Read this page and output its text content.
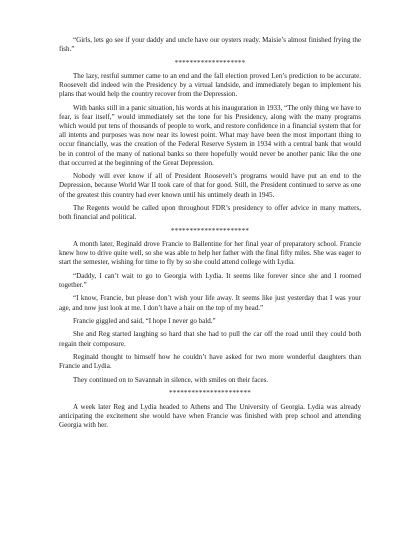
“Girls, lets go see if your daddy and uncle have our oysters ready. Maisie’s almost finished frying the fish.”

*******************

The lazy, restful summer came to an end and the fall election proved Len’s prediction to be accurate. Roosevelt did indeed win the Presidency by a virtual landside, and immediately began to implement his plans that would help the country recover from the Depression.

With banks still in a panic situation, his words at his inauguration in 1933, “The only thing we have to fear, is fear itself,” would immediately set the tone for his Presidency, along with the many programs which would put tens of thousands of people to work, and restore confidence in a financial system that for all intents and purposes was now near its lowest point. What may have been the most important thing to occur financially, was the creation of the Federal Reserve System in 1934 with a central bank that would be in control of the many of national banks so there hopefully would never be another panic like the one that occurred at the beginning of the Great Depression.

Nobody will ever know if all of President Roosevelt’s programs would have put an end to the Depression, because World War II took care of that for good. Still, the President continued to serve as one of the greatest this country had ever known until his untimely death in 1945.

The Regents would be called upon throughout FDR’s presidency to offer advice in many matters, both financial and political.

*********************

A month later, Reginald drove Francie to Ballentine for her final year of preparatory school. Francie knew how to drive quite well, so she was able to help her father with the final fifty miles. She was eager to start the semester, wishing for time to fly by so she could attend college with Lydia.

“Daddy, I can’t wait to go to Georgia with Lydia. It seems like forever since she and I roomed together.”

“I know, Francie, but please don’t wish your life away. It seems like just yesterday that I was your age, and now just look at me. I don’t have a hair on the top of my head.”

Francie giggled and said, “I hope I never go bald.”

She and Reg started laughing so hard that she had to pull the car off the road until they could both regain their composure.

Reginald thought to himself how he couldn’t have asked for two more wonderful daughters than Francie and Lydia.

They continued on to Savannah in silence, with smiles on their faces.

**********************

A week later Reg and Lydia headed to Athens and The University of Georgia. Lydia was already anticipating the excitement she would have when Francie was finished with prep school and attending Georgia with her.
